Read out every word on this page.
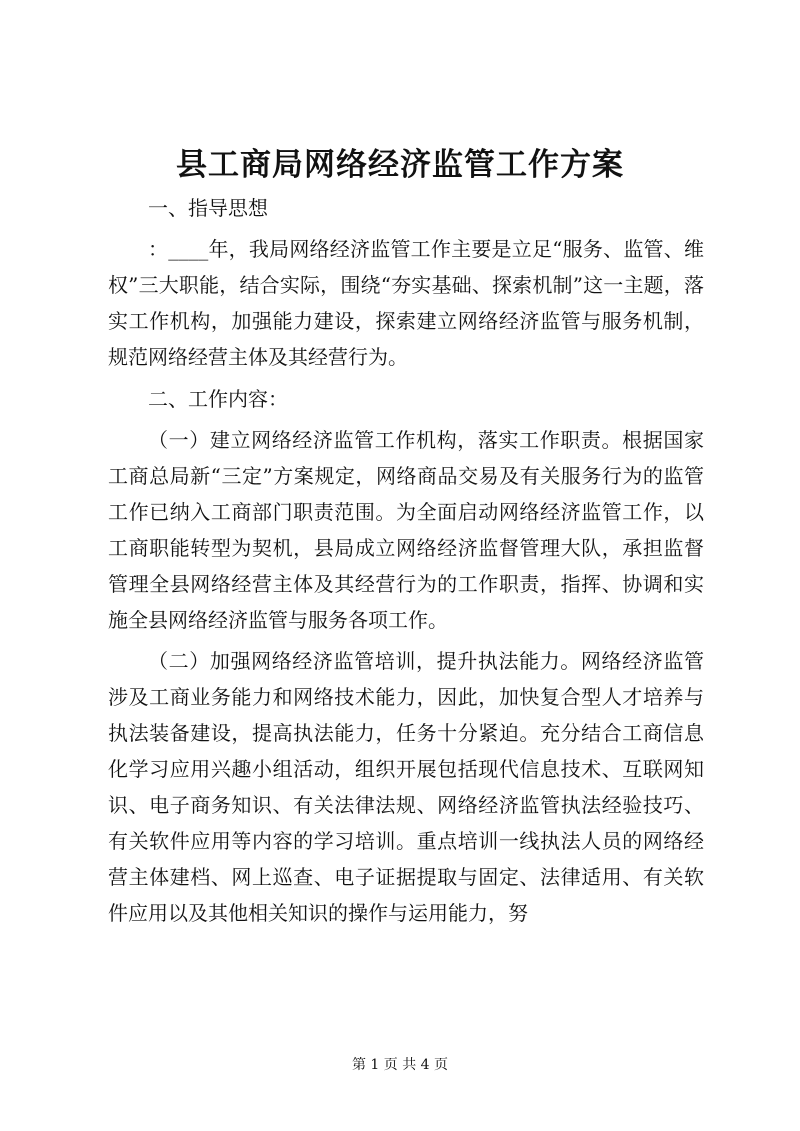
县工商局网络经济监管工作方案

一、指导思想

：____年，我局网络经济监管工作主要是立足“服务、监管、维权”三大职能，结合实际，围绕“夯实基础、探索机制”这一主题，落实工作机构，加强能力建设，探索建立网络经济监管与服务机制，规范网络经营主体及其经营行为。

二、工作内容：

（一）建立网络经济监管工作机构，落实工作职责。根据国家工商总局新“三定”方案规定，网络商品交易及有关服务行为的监管工作已纳入工商部门职责范围。为全面启动网络经济监管工作，以工商职能转型为契机，县局成立网络经济监督管理大队，承担监督管理全县网络经营主体及其经营行为的工作职责，指挥、协调和实施全县网络经济监管与服务各项工作。

（二）加强网络经济监管培训，提升执法能力。网络经济监管涉及工商业务能力和网络技术能力，因此，加快复合型人才培养与执法装备建设，提高执法能力，任务十分紧迫。充分结合工商信息化学习应用兴趣小组活动，组织开展包括现代信息技术、互联网知识、电子商务知识、有关法律法规、网络经济监管执法经验技巧、有关软件应用等内容的学习培训。重点培训一线执法人员的网络经营主体建档、网上巡查、电子证据提取与固定、法律适用、有关软件应用以及其他相关知识的操作与运用能力，努

第 1 页 共 4 页
